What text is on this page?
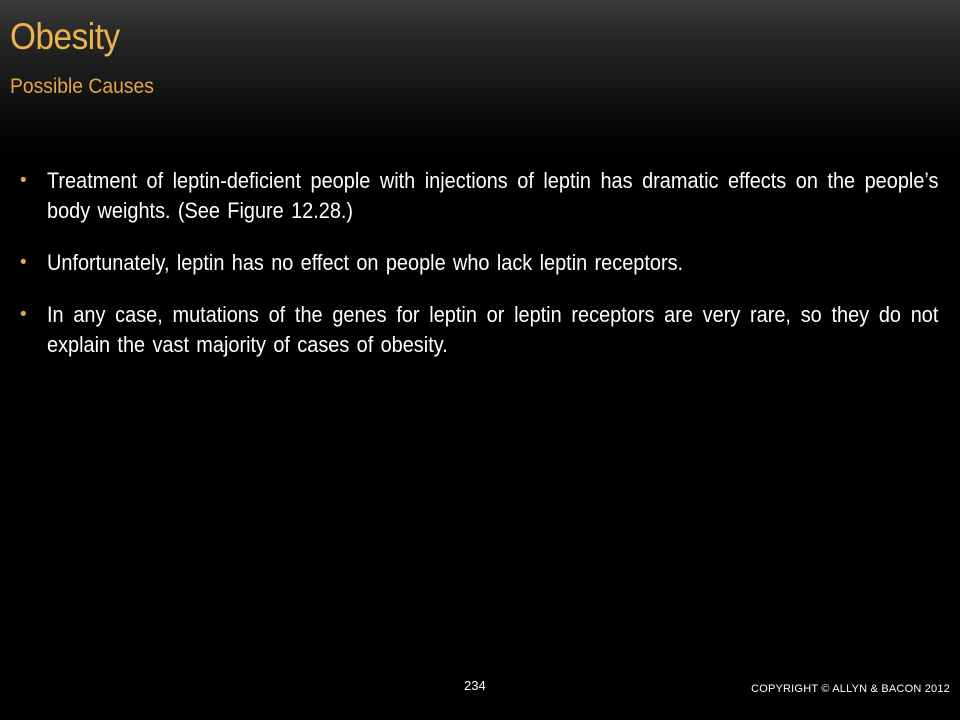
Obesity
Possible Causes
• Treatment of leptin-deficient people with injections of leptin has dramatic effects on the people’s body weights. (See Figure 12.28.)
• Unfortunately, leptin has no effect on people who lack leptin receptors.
• In any case, mutations of the genes for leptin or leptin receptors are very rare, so they do not explain the vast majority of cases of obesity.
234	COPYRIGHT © ALLYN & BACON 2012
